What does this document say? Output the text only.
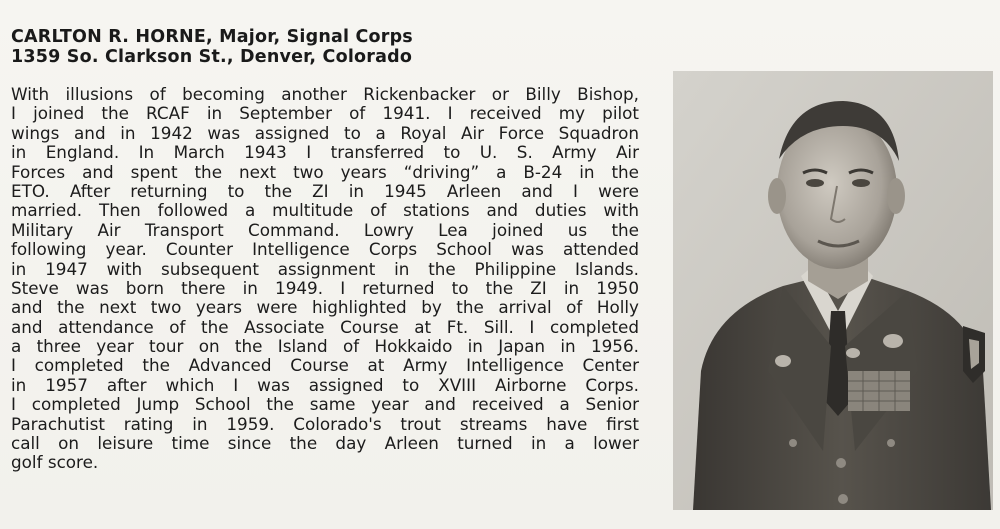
CARLTON R. HORNE, Major, Signal Corps
1359 So. Clarkson St., Denver, Colorado
With illusions of becoming another Rickenbacker or Billy Bishop,
I joined the RCAF in September of 1941. I received my pilot
wings and in 1942 was assigned to a Royal Air Force Squadron
in England. In March 1943 I transferred to U. S. Army Air
Forces and spent the next two years “driving” a B-24 in the
ETO. After returning to the ZI in 1945 Arleen and I were
married. Then followed a multitude of stations and duties with
Military Air Transport Command. Lowry Lea joined us the
following year. Counter Intelligence Corps School was attended
in 1947 with subsequent assignment in the Philippine Islands.
Steve was born there in 1949. I returned to the ZI in 1950
and the next two years were highlighted by the arrival of Holly
and attendance of the Associate Course at Ft. Sill. I completed
a three year tour on the Island of Hokkaido in Japan in 1956.
I completed the Advanced Course at Army Intelligence Center
in 1957 after which I was assigned to XVIII Airborne Corps.
I completed Jump School the same year and received a Senior
Parachutist rating in 1959. Colorado's trout streams have first
call on leisure time since the day Arleen turned in a lower
golf score.
